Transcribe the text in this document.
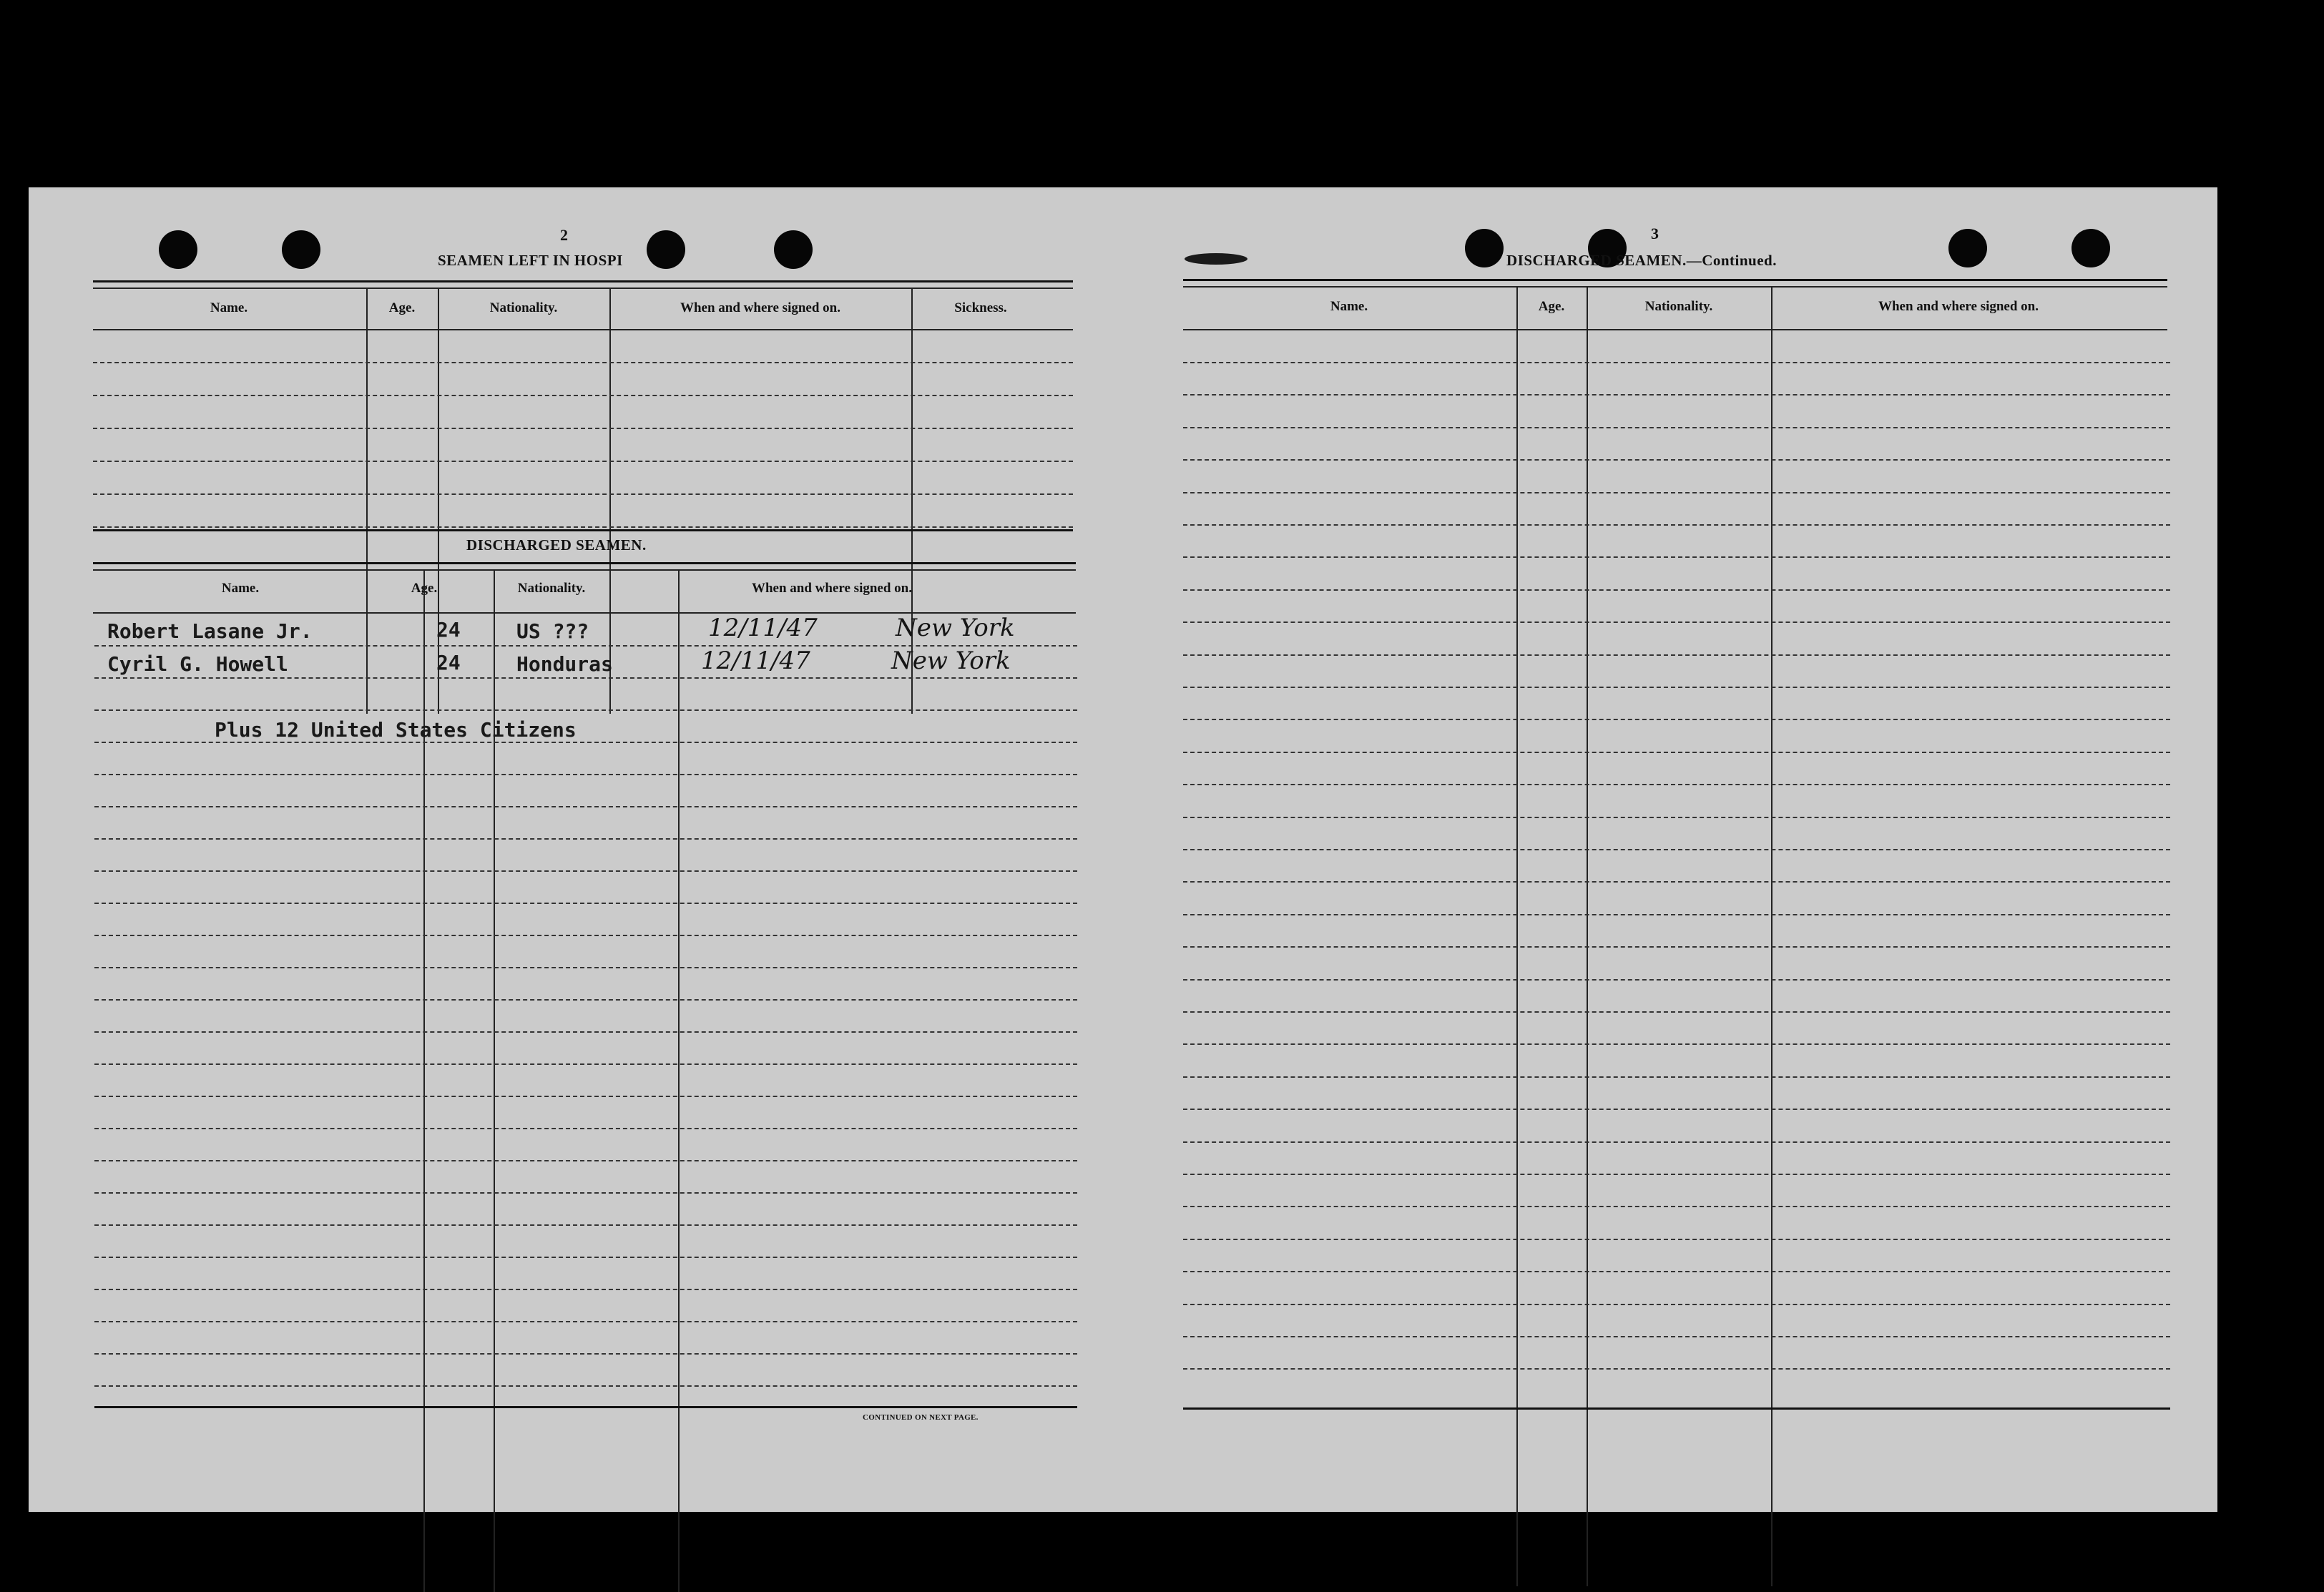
2
SEAMEN LEFT IN HOSPI
Name.	Age.	Nationality.	When and where signed on.	Sickness.
DISCHARGED SEAMEN.
Name.	Age.	Nationality.	When and where signed on.
Robert Lasane Jr.	24	US ???	12/11/47	New York
Cyril G. Howell	24	Honduras	12/11/47	New York
Plus 12 United States Citizens
CONTINUED ON NEXT PAGE.
3
DISCHARGED SEAMEN.—Continued.
Name.	Age.	Nationality.	When and where signed on.
